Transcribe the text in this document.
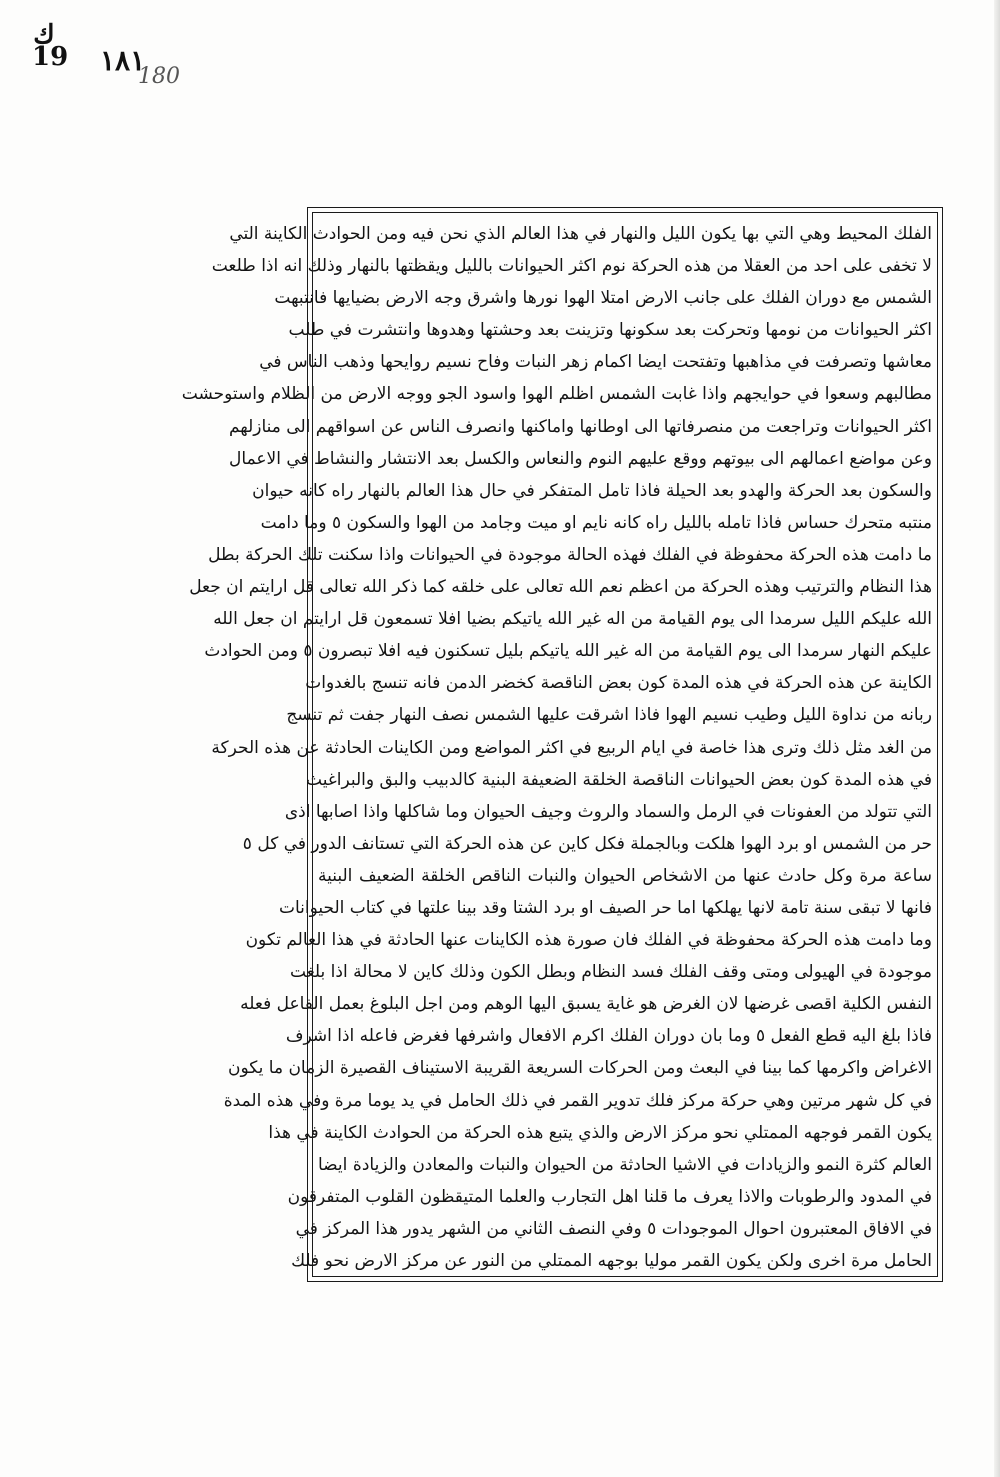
ك
19 ١٨١
180
الفلك المحيط وهي التي بها يكون الليل والنهار في هذا العالم الذي نحن فيه ومن الحوادث الكاينة التي
لا تخفى على احد من العقلا من هذه الحركة نوم اكثر الحيوانات بالليل ويقظتها بالنهار وذلك انه اذا طلعت
الشمس مع دوران الفلك على جانب الارض امتلا الهوا نورها واشرق وجه الارض بضيايها فانتبهت
اكثر الحيوانات من نومها وتحركت بعد سكونها وتزينت بعد وحشتها وهدوها وانتشرت في طلب
معاشها وتصرفت في مذاهبها وتفتحت ايضا اكمام زهر النبات وفاح نسيم روايحها وذهب الناس في
مطالبهم وسعوا في حوايجهم واذا غابت الشمس اظلم الهوا واسود الجو ووجه الارض من الظلام واستوحشت
اكثر الحيوانات وتراجعت من منصرفاتها الى اوطانها واماكنها وانصرف الناس عن اسواقهم الى منازلهم
وعن مواضع اعمالهم الى بيوتهم ووقع عليهم النوم والنعاس والكسل بعد الانتشار والنشاط في الاعمال
والسكون بعد الحركة والهدو بعد الحيلة فاذا تامل المتفكر في حال هذا العالم بالنهار راه كانه حيوان
منتبه متحرك حساس فاذا تامله بالليل راه كانه نايم او ميت وجامد من الهوا والسكون ٥ وما دامت
ما دامت هذه الحركة محفوظة في الفلك فهذه الحالة موجودة في الحيوانات واذا سكنت تلك الحركة بطل
هذا النظام والترتيب وهذه الحركة من اعظم نعم الله تعالى على خلقه كما ذكر الله تعالى قل ارايتم ان جعل
الله عليكم الليل سرمدا الى يوم القيامة من اله غير الله ياتيكم بضيا افلا تسمعون قل ارايتم ان جعل الله
عليكم النهار سرمدا الى يوم القيامة من اله غير الله ياتيكم بليل تسكنون فيه افلا تبصرون ٥ ومن الحوادث
الكاينة عن هذه الحركة في هذه المدة كون بعض الناقصة كخضر الدمن فانه تنسج بالغدوات
ربانه من نداوة الليل وطيب نسيم الهوا فاذا اشرقت عليها الشمس نصف النهار جفت ثم تنسج
من الغد مثل ذلك وترى هذا خاصة في ايام الربيع في اكثر المواضع ومن الكاينات الحادثة عن هذه الحركة
في هذه المدة كون بعض الحيوانات الناقصة الخلقة الضعيفة البنية كالدبيب والبق والبراغيث
التي تتولد من العفونات في الرمل والسماد والروث وجيف الحيوان وما شاكلها واذا اصابها اذى
حر من الشمس او برد الهوا هلكت وبالجملة فكل كاين عن هذه الحركة التي تستانف الدور في كل ٥
ساعة مرة وكل حادث عنها من الاشخاص الحيوان والنبات الناقص الخلقة الضعيف البنية
فانها لا تبقى سنة تامة لانها يهلكها اما حر الصيف او برد الشتا وقد بينا علتها في كتاب الحيوانات
وما دامت هذه الحركة محفوظة في الفلك فان صورة هذه الكاينات عنها الحادثة في هذا العالم تكون
موجودة في الهيولى ومتى وقف الفلك فسد النظام وبطل الكون وذلك كاين لا محالة اذا بلغت
النفس الكلية اقصى غرضها لان الغرض هو غاية يسبق اليها الوهم ومن اجل البلوغ بعمل الفاعل فعله
فاذا بلغ اليه قطع الفعل ٥ وما بان دوران الفلك اكرم الافعال واشرفها فغرض فاعله اذا اشرف
الاغراض واكرمها كما بينا في البعث ومن الحركات السريعة القريبة الاستيناف القصيرة الزمان ما يكون
في كل شهر مرتين وهي حركة مركز فلك تدوير القمر في ذلك الحامل في يد يوما مرة وفي هذه المدة
يكون القمر فوجهه الممتلي نحو مركز الارض والذي يتبع هذه الحركة من الحوادث الكاينة في هذا
العالم كثرة النمو والزيادات في الاشيا الحادثة من الحيوان والنبات والمعادن والزيادة ايضا
في المدود والرطوبات والاذا يعرف ما قلنا اهل التجارب والعلما المتيقظون القلوب المتفرقون
في الافاق المعتبرون احوال الموجودات ٥ وفي النصف الثاني من الشهر يدور هذا المركز في
الحامل مرة اخرى ولكن يكون القمر موليا بوجهه الممتلي من النور عن مركز الارض نحو فلك
